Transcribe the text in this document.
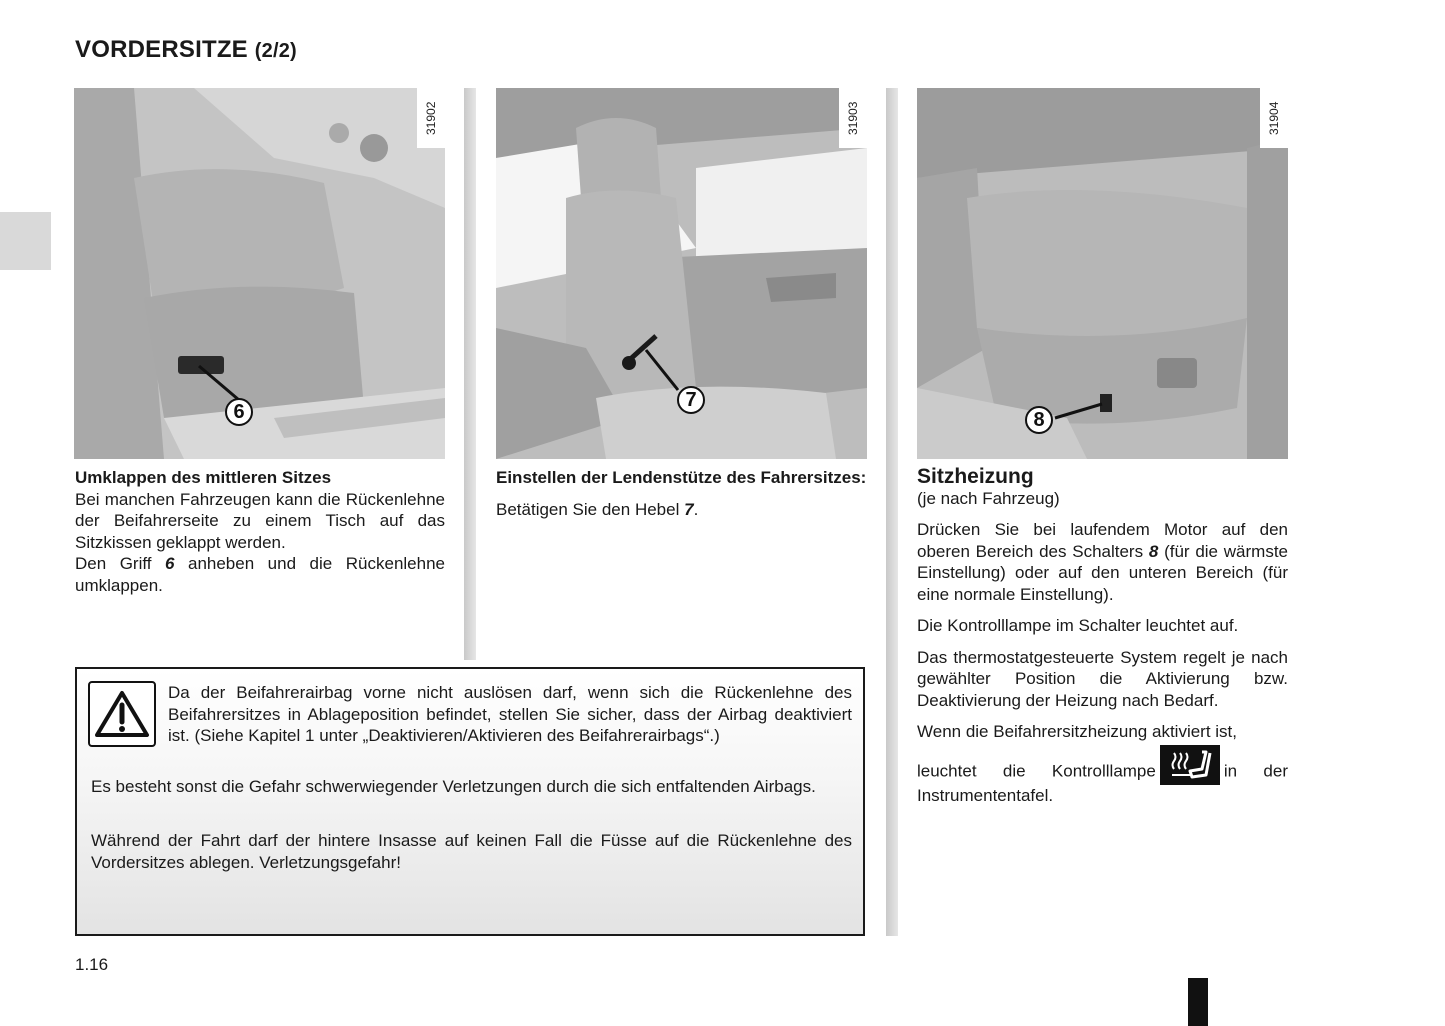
VORDERSITZE (2/2)
31902
6
31903
7
31904
8

Umklappen des mittleren Sitzes

Bei manchen Fahrzeugen kann die Rückenlehne der Beifahrerseite zu einem Tisch auf das Sitzkissen geklappt werden.

Den Griff 6 anheben und die Rückenlehne umklappen.

Einstellen der Lendenstütze des Fahrersitzes:

Betätigen Sie den Hebel 7.

Sitzheizung

(je nach Fahrzeug)

Drücken Sie bei laufendem Motor auf den oberen Bereich des Schalters 8 (für die wärmste Einstellung) oder auf den unteren Bereich (für eine normale Einstellung).

Die Kontrolllampe im Schalter leuchtet auf.

Das thermostatgesteuerte System regelt je nach gewählter Position die Aktivierung bzw. Deaktivierung der Heizung nach Bedarf.

Wenn die Beifahrersitzheizung aktiviert ist,

leuchtet die Kontrolllampe	in der Instrumententafel.

Da der Beifahrerairbag vorne nicht auslösen darf, wenn sich die Rückenlehne des Beifahrersitzes in Ablageposition befindet, stellen Sie sicher, dass der Airbag deaktiviert ist. (Siehe Kapitel 1 unter „Deaktivieren/Aktivieren des Beifahrerairbags“.)
Es besteht sonst die Gefahr schwerwiegender Verletzungen durch die sich entfaltenden Airbags.
Während der Fahrt darf der hintere Insasse auf keinen Fall die Füsse auf die Rückenlehne des Vordersitzes ablegen. Verletzungsgefahr!
1.16
